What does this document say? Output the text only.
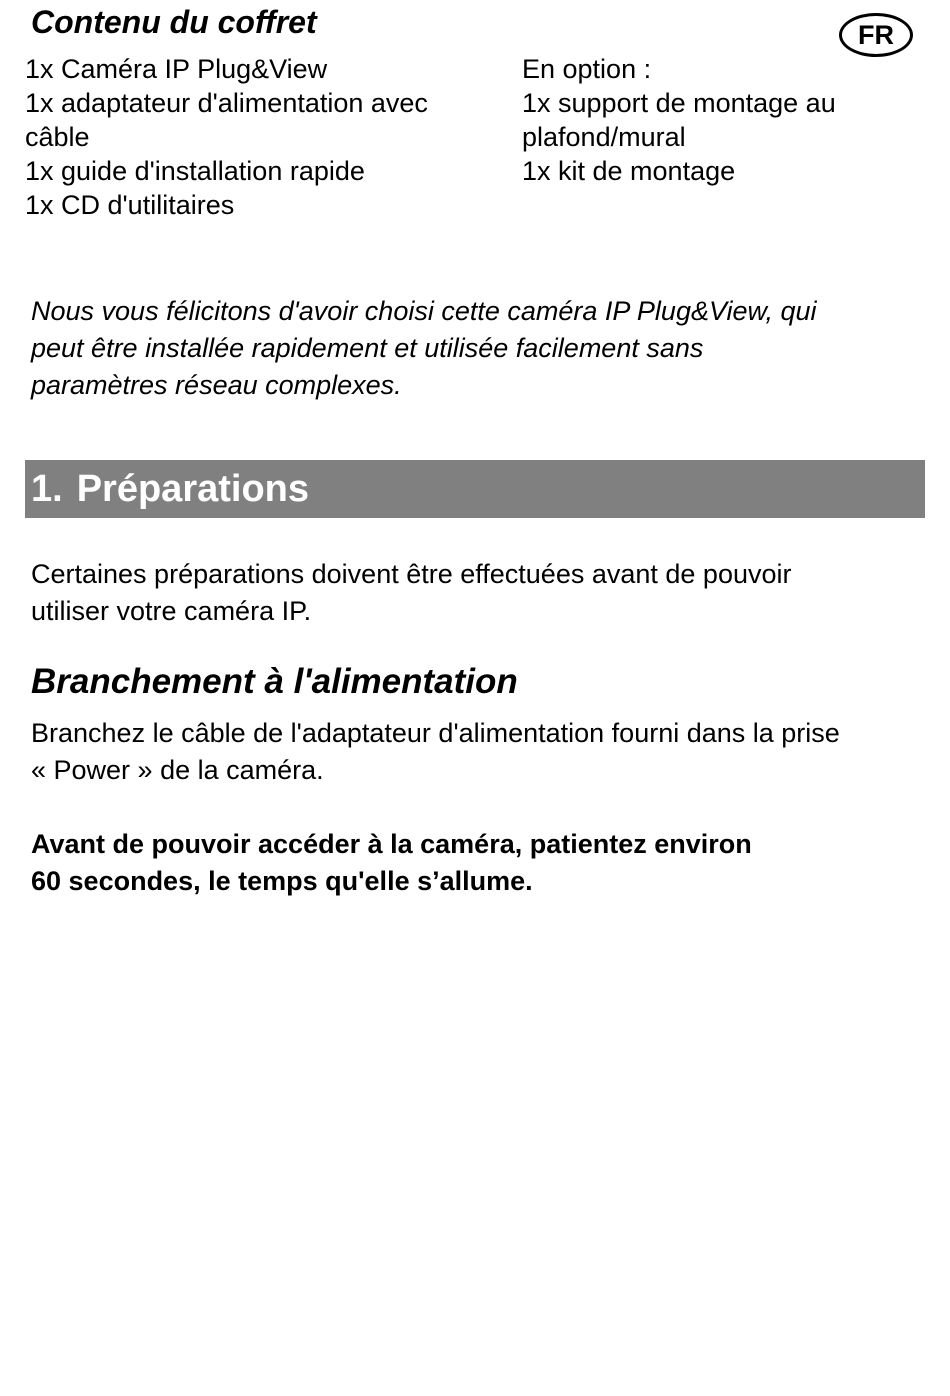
Contenu du coffret	FR
1x Caméra IP Plug&View
1x adaptateur d'alimentation avec
câble
1x guide d'installation rapide
1x CD d'utilitaires
En option :
1x support de montage au
plafond/mural
1x kit de montage
Nous vous félicitons d'avoir choisi cette caméra IP Plug&View, qui
peut être installée rapidement et utilisée facilement sans
paramètres réseau complexes.
1. Préparations
Certaines préparations doivent être effectuées avant de pouvoir
utiliser votre caméra IP.
Branchement à l'alimentation
Branchez le câble de l'adaptateur d'alimentation fourni dans la prise
« Power » de la caméra.
Avant de pouvoir accéder à la caméra, patientez environ
60 secondes, le temps qu'elle s’allume.
